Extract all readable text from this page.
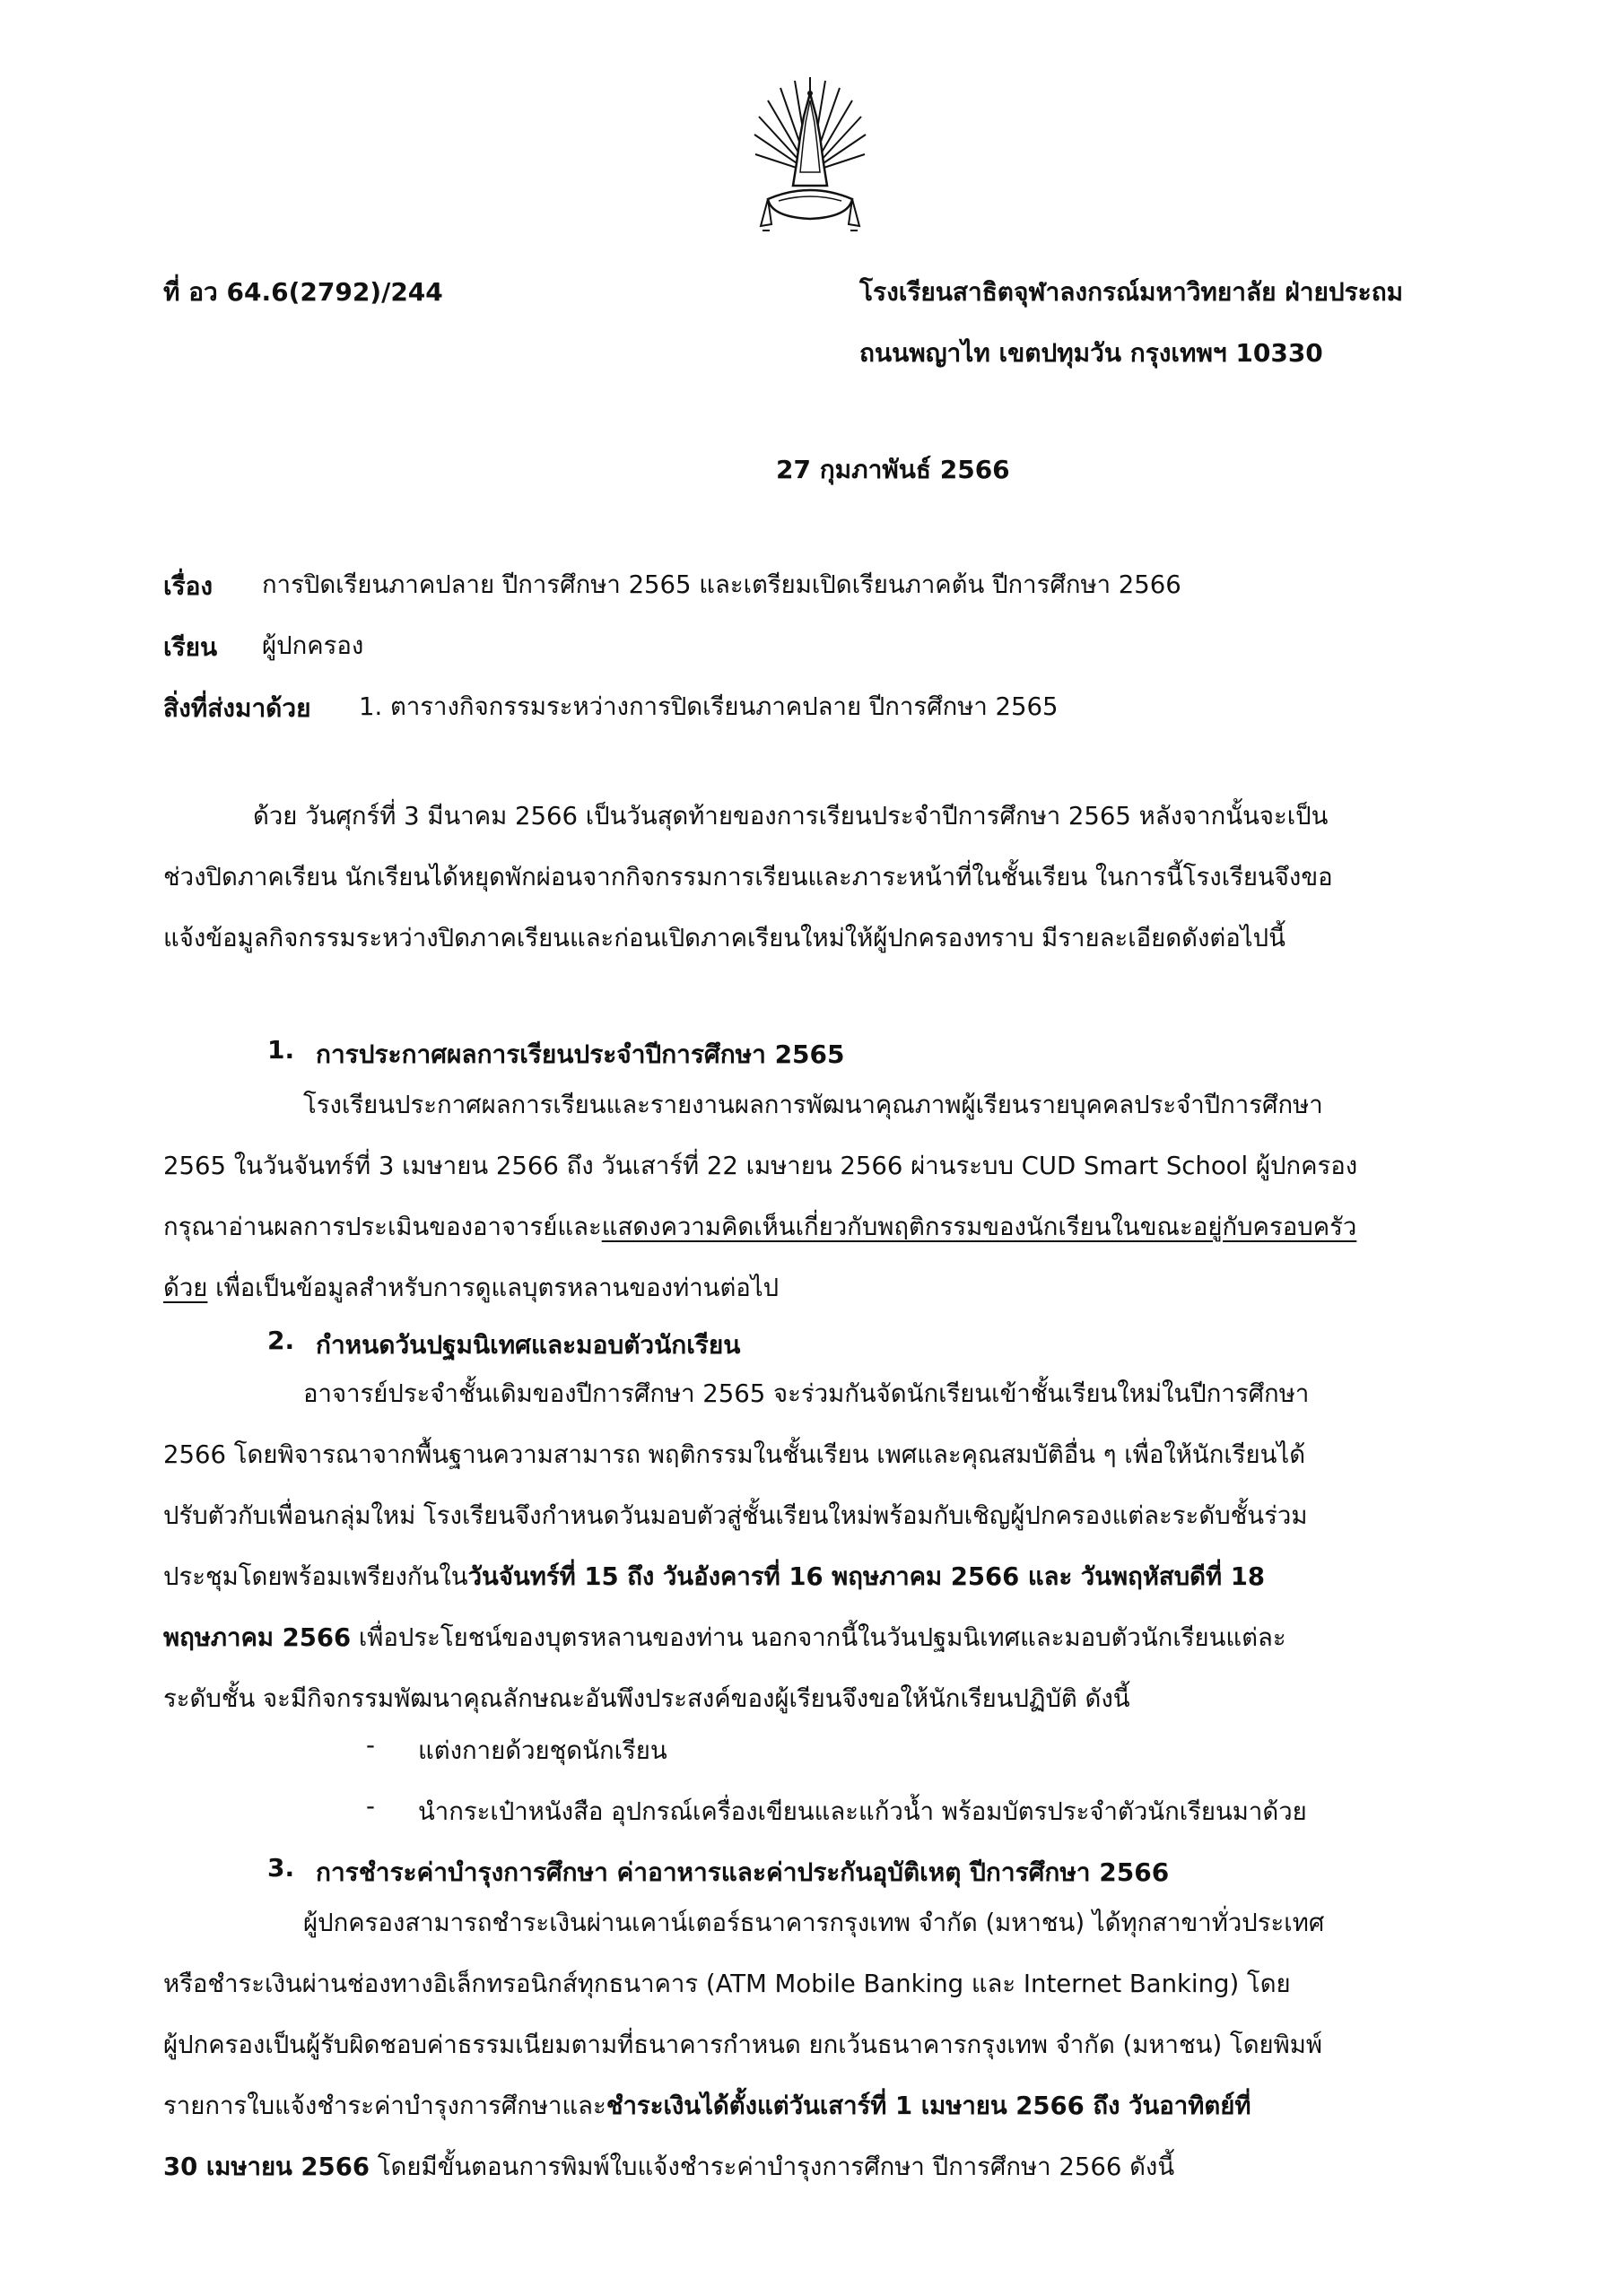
ที่ อว 64.6(2792)/244	โรงเรียนสาธิตจุฬาลงกรณ์มหาวิทยาลัย ฝ่ายประถม
ถนนพญาไท เขตปทุมวัน กรุงเทพฯ 10330
27 กุมภาพันธ์ 2566
เรื่อง การปิดเรียนภาคปลาย ปีการศึกษา 2565 และเตรียมเปิดเรียนภาคต้น ปีการศึกษา 2566
เรียน ผู้ปกครอง
สิ่งที่ส่งมาด้วย 1. ตารางกิจกรรมระหว่างการปิดเรียนภาคปลาย ปีการศึกษา 2565
ด้วย วันศุกร์ที่ 3 มีนาคม 2566 เป็นวันสุดท้ายของการเรียนประจำปีการศึกษา 2565 หลังจากนั้นจะเป็น
ช่วงปิดภาคเรียน นักเรียนได้หยุดพักผ่อนจากกิจกรรมการเรียนและภาระหน้าที่ในชั้นเรียน ในการนี้โรงเรียนจึงขอ
แจ้งข้อมูลกิจกรรมระหว่างปิดภาคเรียนและก่อนเปิดภาคเรียนใหม่ให้ผู้ปกครองทราบ มีรายละเอียดดังต่อไปนี้
1. การประกาศผลการเรียนประจำปีการศึกษา 2565
โรงเรียนประกาศผลการเรียนและรายงานผลการพัฒนาคุณภาพผู้เรียนรายบุคคลประจำปีการศึกษา
2565 ในวันจันทร์ที่ 3 เมษายน 2566 ถึง วันเสาร์ที่ 22 เมษายน 2566 ผ่านระบบ CUD Smart School ผู้ปกครอง
กรุณาอ่านผลการประเมินของอาจารย์และแสดงความคิดเห็นเกี่ยวกับพฤติกรรมของนักเรียนในขณะอยู่กับครอบครัว
ด้วย เพื่อเป็นข้อมูลสำหรับการดูแลบุตรหลานของท่านต่อไป
2. กำหนดวันปฐมนิเทศและมอบตัวนักเรียน
อาจารย์ประจำชั้นเดิมของปีการศึกษา 2565 จะร่วมกันจัดนักเรียนเข้าชั้นเรียนใหม่ในปีการศึกษา
2566 โดยพิจารณาจากพื้นฐานความสามารถ พฤติกรรมในชั้นเรียน เพศและคุณสมบัติอื่น ๆ เพื่อให้นักเรียนได้
ปรับตัวกับเพื่อนกลุ่มใหม่ โรงเรียนจึงกำหนดวันมอบตัวสู่ชั้นเรียนใหม่พร้อมกับเชิญผู้ปกครองแต่ละระดับชั้นร่วม
ประชุมโดยพร้อมเพรียงกันในวันจันทร์ที่ 15 ถึง วันอังคารที่ 16 พฤษภาคม 2566 และ วันพฤหัสบดีที่ 18
พฤษภาคม 2566 เพื่อประโยชน์ของบุตรหลานของท่าน นอกจากนี้ในวันปฐมนิเทศและมอบตัวนักเรียนแต่ละ
ระดับชั้น จะมีกิจกรรมพัฒนาคุณลักษณะอันพึงประสงค์ของผู้เรียนจึงขอให้นักเรียนปฏิบัติ ดังนี้
- แต่งกายด้วยชุดนักเรียน
- นำกระเป๋าหนังสือ อุปกรณ์เครื่องเขียนและแก้วน้ำ พร้อมบัตรประจำตัวนักเรียนมาด้วย
3. การชำระค่าบำรุงการศึกษา ค่าอาหารและค่าประกันอุบัติเหตุ ปีการศึกษา 2566
ผู้ปกครองสามารถชำระเงินผ่านเคาน์เตอร์ธนาคารกรุงเทพ จำกัด (มหาชน) ได้ทุกสาขาทั่วประเทศ
หรือชำระเงินผ่านช่องทางอิเล็กทรอนิกส์ทุกธนาคาร (ATM Mobile Banking และ Internet Banking) โดย
ผู้ปกครองเป็นผู้รับผิดชอบค่าธรรมเนียมตามที่ธนาคารกำหนด ยกเว้นธนาคารกรุงเทพ จำกัด (มหาชน) โดยพิมพ์
รายการใบแจ้งชำระค่าบำรุงการศึกษาและชำระเงินได้ตั้งแต่วันเสาร์ที่ 1 เมษายน 2566 ถึง วันอาทิตย์ที่
30 เมษายน 2566 โดยมีขั้นตอนการพิมพ์ใบแจ้งชำระค่าบำรุงการศึกษา ปีการศึกษา 2566 ดังนี้
